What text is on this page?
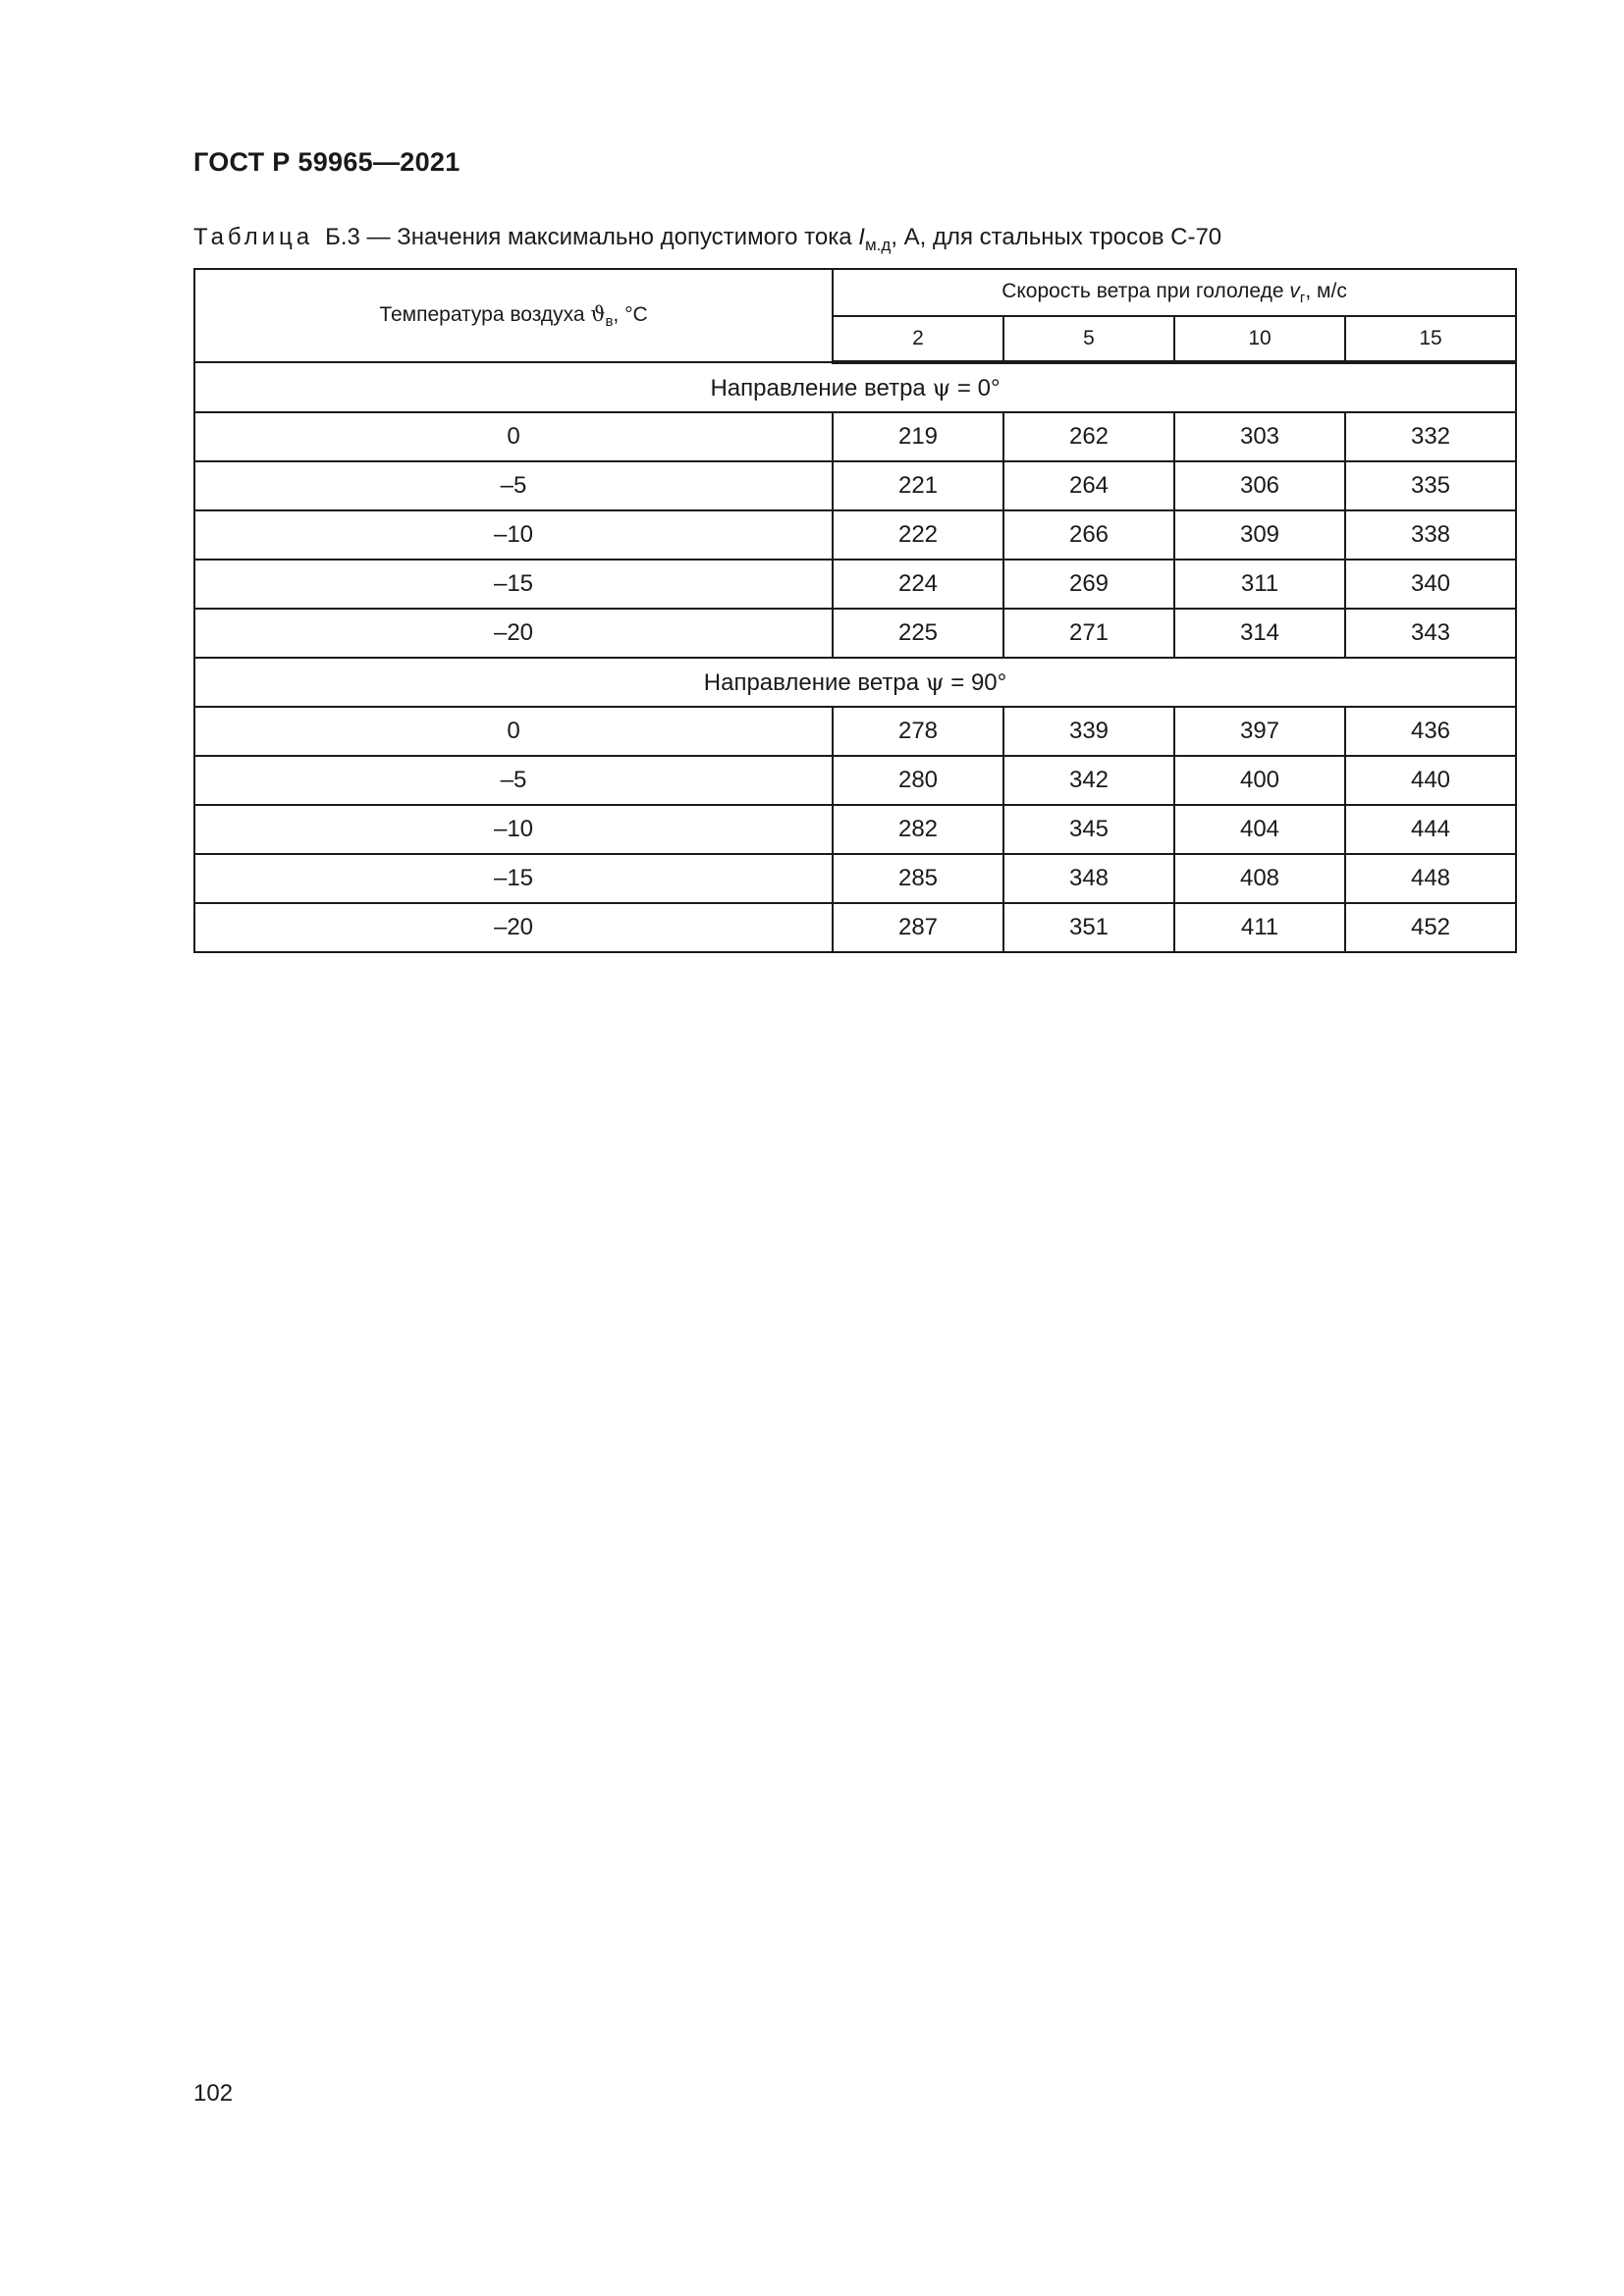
ГОСТ Р 59965—2021
Таблица Б.3 — Значения максимально допустимого тока $I_{м.д}$, А, для стальных тросов С-70
Температура воздуха $ϑ_в$, °С	Скорость ветра при гололеде $v_г$, м/с			
	2	5	10	15
Направление ветра ψ = 0°				
0	219	262	303	332
–5	221	264	306	335
–10	222	266	309	338
–15	224	269	311	340
–20	225	271	314	343
Направление ветра ψ = 90°				
0	278	339	397	436
–5	280	342	400	440
–10	282	345	404	444
–15	285	348	408	448
–20	287	351	411	452
102
